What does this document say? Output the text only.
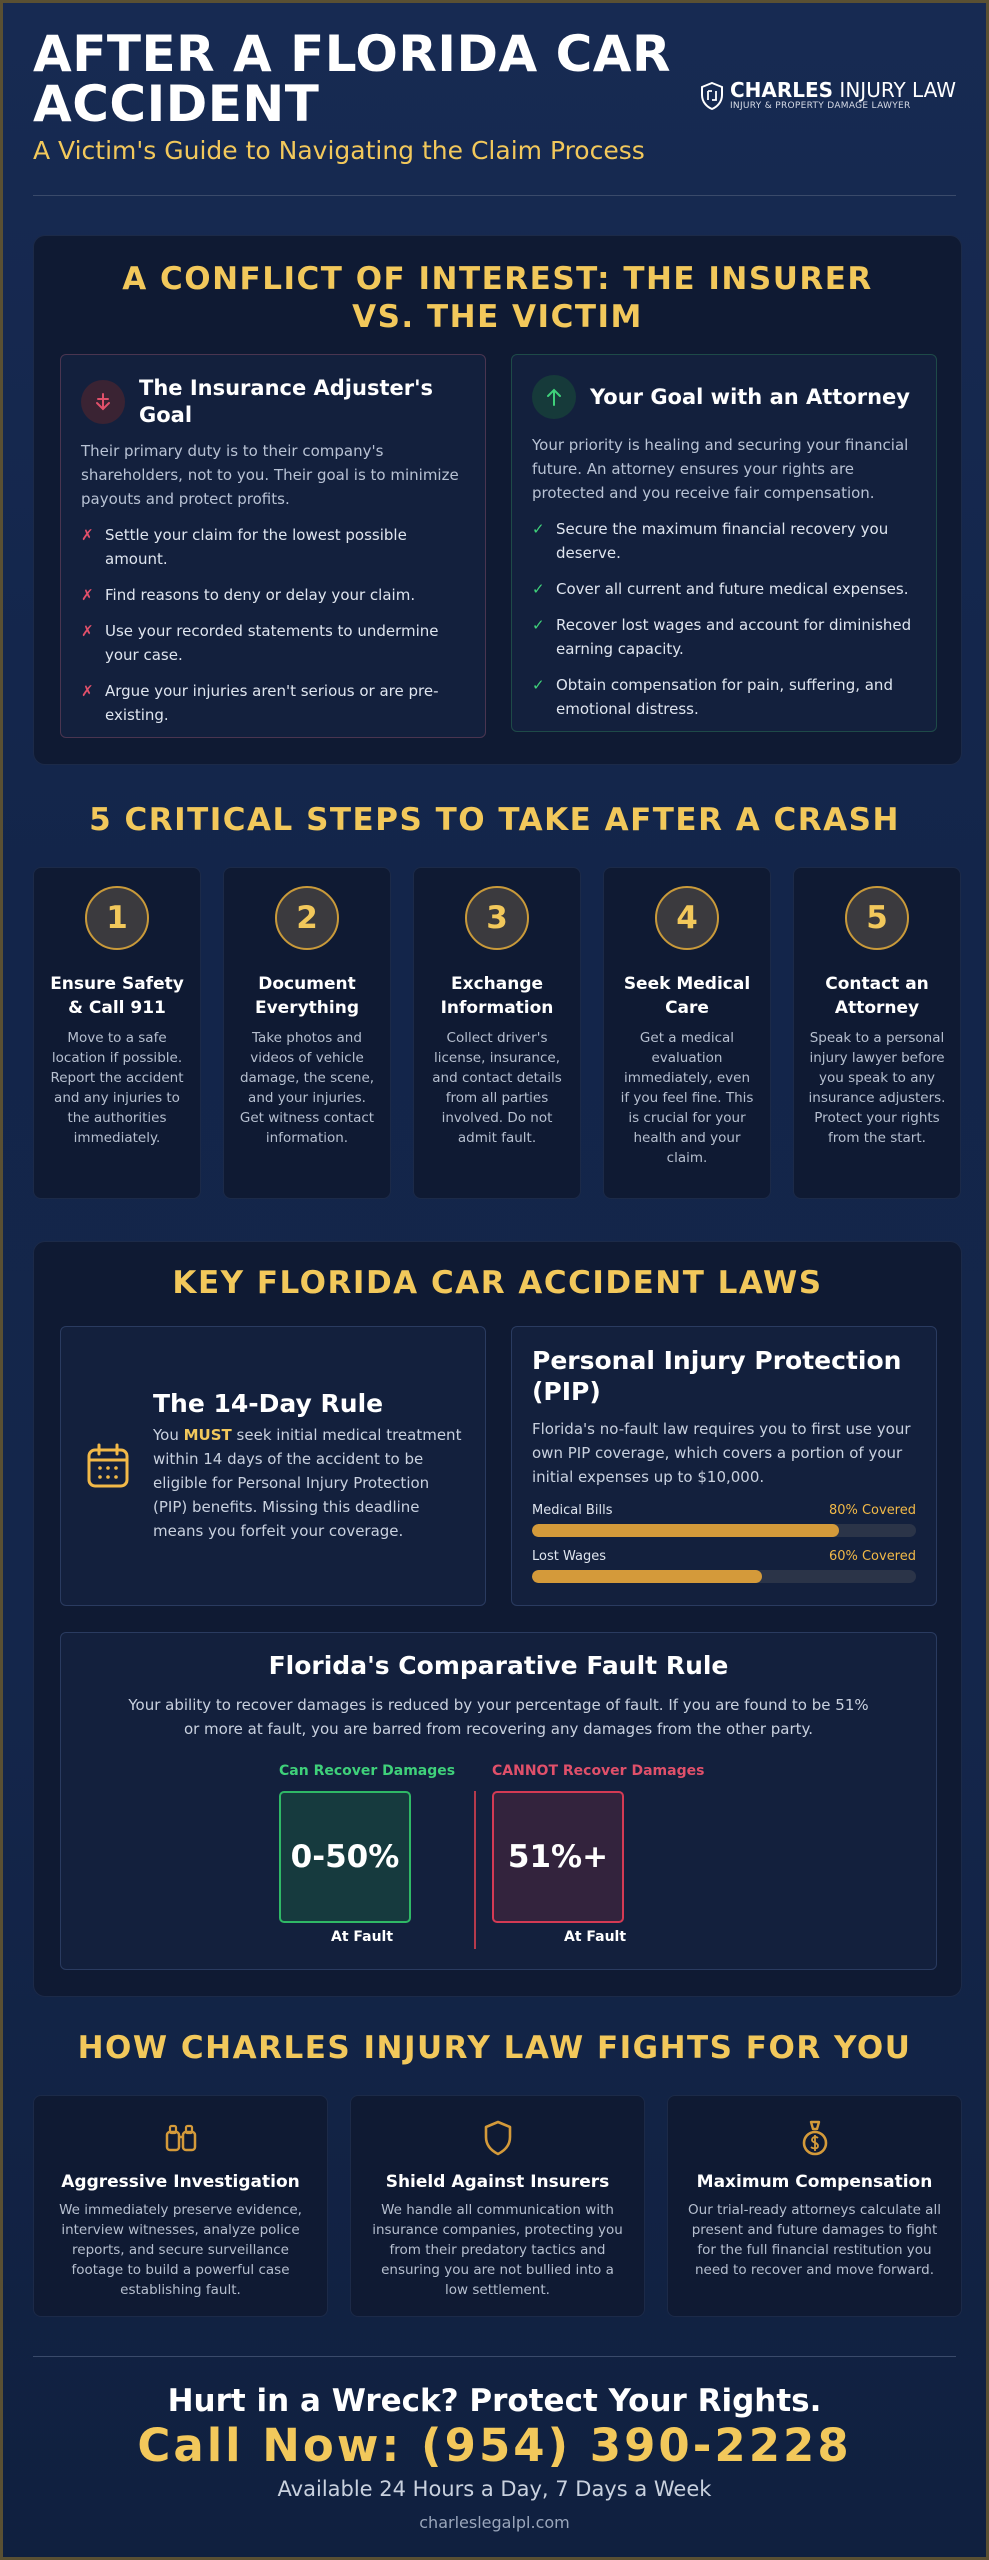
AFTER A FLORIDA CAR ACCIDENT
A Victim's Guide to Navigating the Claim Process
CHARLES INJURY LAW
INJURY & PROPERTY DAMAGE LAWYER
A CONFLICT OF INTEREST: THE INSURER VS. THE VICTIM
The Insurance Adjuster's Goal

Their primary duty is to their company's shareholders, not to you. Their goal is to minimize payouts and protect profits.

✗ Settle your claim for the lowest possible amount.
✗ Find reasons to deny or delay your claim.
✗ Use your recorded statements to undermine your case.
✗ Argue your injuries aren't serious or are pre-existing.
Your Goal with an Attorney

Your priority is healing and securing your financial future. An attorney ensures your rights are protected and you receive fair compensation.

✓ Secure the maximum financial recovery you deserve.
✓ Cover all current and future medical expenses.
✓ Recover lost wages and account for diminished earning capacity.
✓ Obtain compensation for pain, suffering, and emotional distress.
5 CRITICAL STEPS TO TAKE AFTER A CRASH
1
Ensure Safety & Call 911
Move to a safe location if possible. Report the accident and any injuries to the authorities immediately.
2
Document Everything
Take photos and videos of vehicle damage, the scene, and your injuries. Get witness contact information.
3
Exchange Information
Collect driver's license, insurance, and contact details from all parties involved. Do not admit fault.
4
Seek Medical Care
Get a medical evaluation immediately, even if you feel fine. This is crucial for your health and your claim.
5
Contact an Attorney
Speak to a personal injury lawyer before you speak to any insurance adjusters. Protect your rights from the start.
KEY FLORIDA CAR ACCIDENT LAWS
The 14-Day Rule

You MUST seek initial medical treatment within 14 days of the accident to be eligible for Personal Injury Protection (PIP) benefits. Missing this deadline means you forfeit your coverage.

Personal Injury Protection (PIP)

Florida's no-fault law requires you to first use your own PIP coverage, which covers a portion of your initial expenses up to $10,000.

Medical Bills	80% Covered
Lost Wages	60% Covered
Florida's Comparative Fault Rule

Your ability to recover damages is reduced by your percentage of fault. If you are found to be 51% or more at fault, you are barred from recovering any damages from the other party.

Can Recover Damages	CANNOT Recover Damages
0-50%	51%+
At Fault	At Fault
HOW CHARLES INJURY LAW FIGHTS FOR YOU
Aggressive Investigation
We immediately preserve evidence, interview witnesses, analyze police reports, and secure surveillance footage to build a powerful case establishing fault.
Shield Against Insurers
We handle all communication with insurance companies, protecting you from their predatory tactics and ensuring you are not bullied into a low settlement.
Maximum Compensation
Our trial-ready attorneys calculate all present and future damages to fight for the full financial restitution you need to recover and move forward.
Hurt in a Wreck? Protect Your Rights.
Call Now: (954) 390-2228
Available 24 Hours a Day, 7 Days a Week
charleslegalpl.com
